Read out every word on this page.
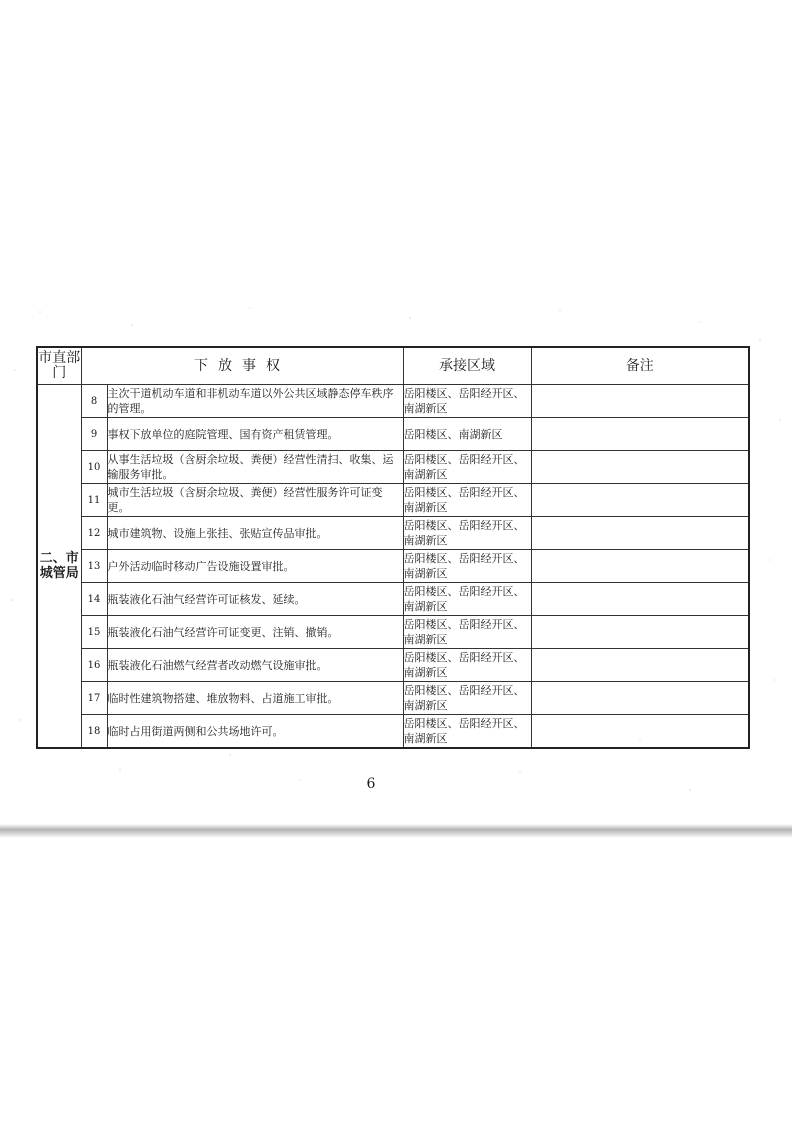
市直部门	下放事权		承接区域	备注
二、市城管局	8	主次干道机动车道和非机动车道以外公共区域静态停车秩序的管理。	岳阳楼区、岳阳经开区、南湖新区	
	9	事权下放单位的庭院管理、国有资产租赁管理。	岳阳楼区、南湖新区	
	10	从事生活垃圾（含厨余垃圾、粪便）经营性清扫、收集、运输服务审批。	岳阳楼区、岳阳经开区、南湖新区	
	11	城市生活垃圾（含厨余垃圾、粪便）经营性服务许可证变更。	岳阳楼区、岳阳经开区、南湖新区	
	12	城市建筑物、设施上张挂、张贴宣传品审批。	岳阳楼区、岳阳经开区、南湖新区	
	13	户外活动临时移动广告设施设置审批。	岳阳楼区、岳阳经开区、南湖新区	
	14	瓶装液化石油气经营许可证核发、延续。	岳阳楼区、岳阳经开区、南湖新区	
	15	瓶装液化石油气经营许可证变更、注销、撤销。	岳阳楼区、岳阳经开区、南湖新区	
	16	瓶装液化石油燃气经营者改动燃气设施审批。	岳阳楼区、岳阳经开区、南湖新区	
	17	临时性建筑物搭建、堆放物料、占道施工审批。	岳阳楼区、岳阳经开区、南湖新区	
	18	临时占用街道两侧和公共场地许可。	岳阳楼区、岳阳经开区、南湖新区	
6
